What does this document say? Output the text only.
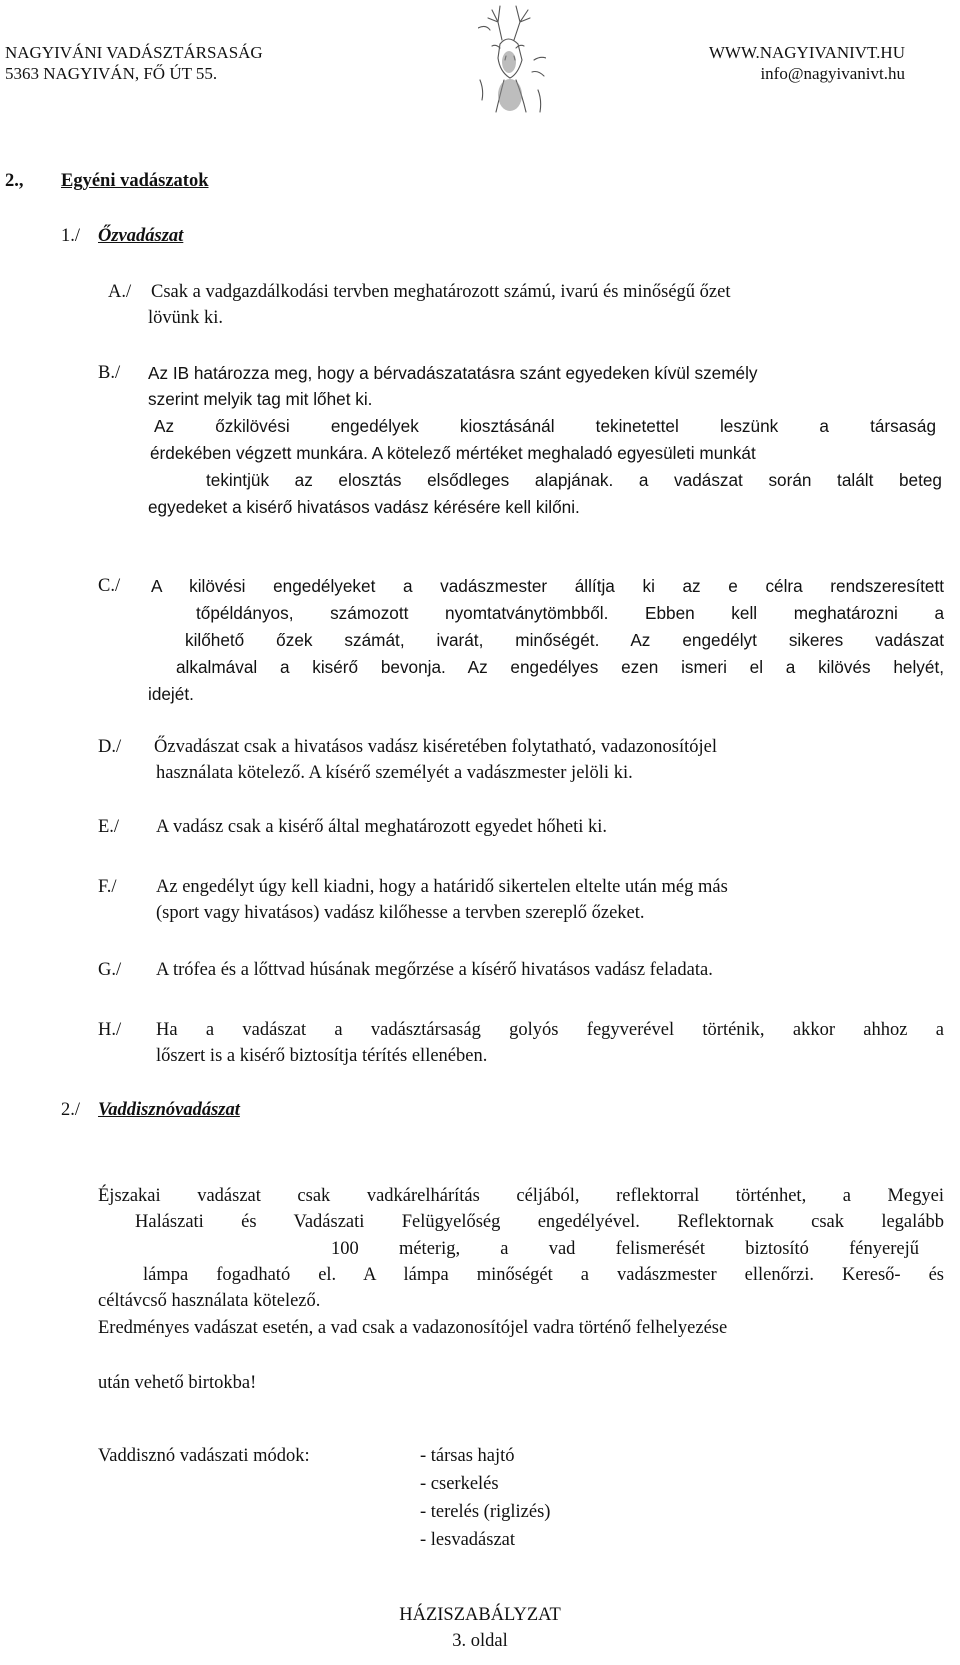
NAGYIVÁNI VADÁSZTÁRSASÁG
5363 NAGYIVÁN, FŐ ÚT 55.
WWW.NAGYIVANIVT.HU
info@nagyivanivt.hu
2., Egyéni vadászatok
1./ Őzvadászat
A./ Csak a vadgazdálkodási tervben meghatározott számú, ivarú és minőségű őzet
lövünk ki.
B./ Az IB határozza meg, hogy a bérvadászatatásra szánt egyedeken kívül személy
szerint melyik tag mit lőhet ki.
Az őzkilövési engedélyek kiosztásánál tekinetettel leszünk a társaság
érdekében végzett munkára. A kötelező mértéket meghaladó egyesületi munkát
tekintjük az elosztás elsődleges alapjának. a vadászat során talált beteg
egyedeket a kisérő hivatásos vadász kérésére kell kilőni.
C./ A kilövési engedélyeket a vadászmester állítja ki az e célra rendszeresített
tőpéldányos, számozott nyomtatványtömbből. Ebben kell meghatározni a
kilőhető őzek számát, ivarát, minőségét. Az engedélyt sikeres vadászat
alkalmával a kisérő bevonja. Az engedélyes ezen ismeri el a kilövés helyét,
idejét.
D./ Őzvadászat csak a hivatásos vadász kiséretében folytatható, vadazonosítójel
használata kötelező. A kísérő személyét a vadászmester jelöli ki.
E./ A vadász csak a kisérő által meghatározott egyedet hőheti ki.
F./ Az engedélyt úgy kell kiadni, hogy a határidő sikertelen eltelte után még más
(sport vagy hivatásos) vadász kilőhesse a tervben szereplő őzeket.
G./ A trófea és a lőttvad húsának megőrzése a kísérő hivatásos vadász feladata.
H./ Ha a vadászat a vadásztársaság golyós fegyverével történik, akkor ahhoz a
lőszert is a kisérő biztosítja térítés ellenében.
2./ Vaddisznóvadászat
Éjszakai vadászat csak vadkárelhárítás céljából, reflektorral történhet, a Megyei
Halászati és Vadászati Felügyelőség engedélyével. Reflektornak csak legalább
100 méterig, a vad felismerését biztosító fényerejű
lámpa fogadható el. A lámpa minőségét a vadászmester ellenőrzi. Kereső- és
céltávcső használata kötelező.
Eredményes vadászat esetén, a vad csak a vadazonosítójel vadra történő felhelyezése
után vehető birtokba!
Vaddisznó vadászati módok:	- társas hajtó
- cserkelés
- terelés (riglizés)
- lesvadászat
HÁZISZABÁLYZAT
3. oldal
